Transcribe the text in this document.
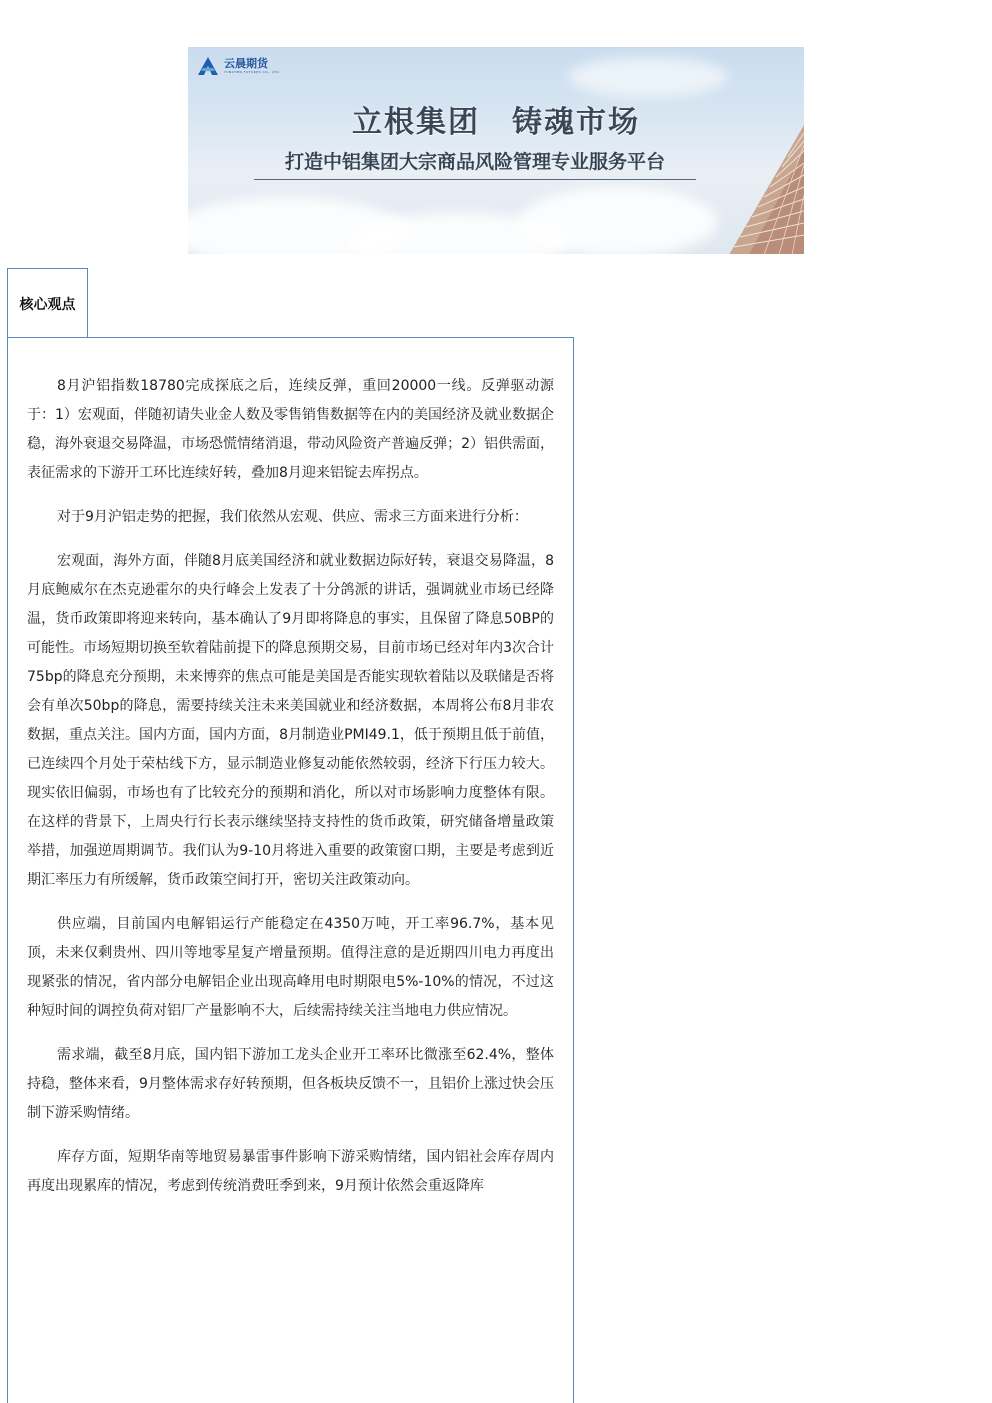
云晨期货
YUNCHEN FUTURES CO., LTD.
立根集团　铸魂市场
打造中铝集团大宗商品风险管理专业服务平台
核心观点

8月沪铝指数18780完成探底之后，连续反弹，重回20000一线。反弹驱动源于：1）宏观面，伴随初请失业金人数及零售销售数据等在内的美国经济及就业数据企稳，海外衰退交易降温，市场恐慌情绪消退，带动风险资产普遍反弹；2）铝供需面，表征需求的下游开工环比连续好转，叠加8月迎来铝锭去库拐点。

对于9月沪铝走势的把握，我们依然从宏观、供应、需求三方面来进行分析：

宏观面，海外方面，伴随8月底美国经济和就业数据边际好转，衰退交易降温，8月底鲍威尔在杰克逊霍尔的央行峰会上发表了十分鸽派的讲话，强调就业市场已经降温，货币政策即将迎来转向，基本确认了9月即将降息的事实，且保留了降息50BP的可能性。市场短期切换至软着陆前提下的降息预期交易，目前市场已经对年内3次合计75bp的降息充分预期，未来博弈的焦点可能是美国是否能实现软着陆以及联储是否将会有单次50bp的降息，需要持续关注未来美国就业和经济数据，本周将公布8月非农数据，重点关注。国内方面，国内方面，8月制造业PMI49.1，低于预期且低于前值，已连续四个月处于荣枯线下方，显示制造业修复动能依然较弱，经济下行压力较大。现实依旧偏弱，市场也有了比较充分的预期和消化，所以对市场影响力度整体有限。在这样的背景下，上周央行行长表示继续坚持支持性的货币政策，研究储备增量政策举措，加强逆周期调节。我们认为9-10月将进入重要的政策窗口期，主要是考虑到近期汇率压力有所缓解，货币政策空间打开，密切关注政策动向。

供应端，目前国内电解铝运行产能稳定在4350万吨，开工率96.7%，基本见顶，未来仅剩贵州、四川等地零星复产增量预期。值得注意的是近期四川电力再度出现紧张的情况，省内部分电解铝企业出现高峰用电时期限电5%-10%的情况，不过这种短时间的调控负荷对铝厂产量影响不大，后续需持续关注当地电力供应情况。

需求端，截至8月底，国内铝下游加工龙头企业开工率环比微涨至62.4%，整体持稳，整体来看，9月整体需求存好转预期，但各板块反馈不一，且铝价上涨过快会压制下游采购情绪。

库存方面，短期华南等地贸易暴雷事件影响下游采购情绪，国内铝社会库存周内再度出现累库的情况，考虑到传统消费旺季到来，9月预计依然会重返降库
